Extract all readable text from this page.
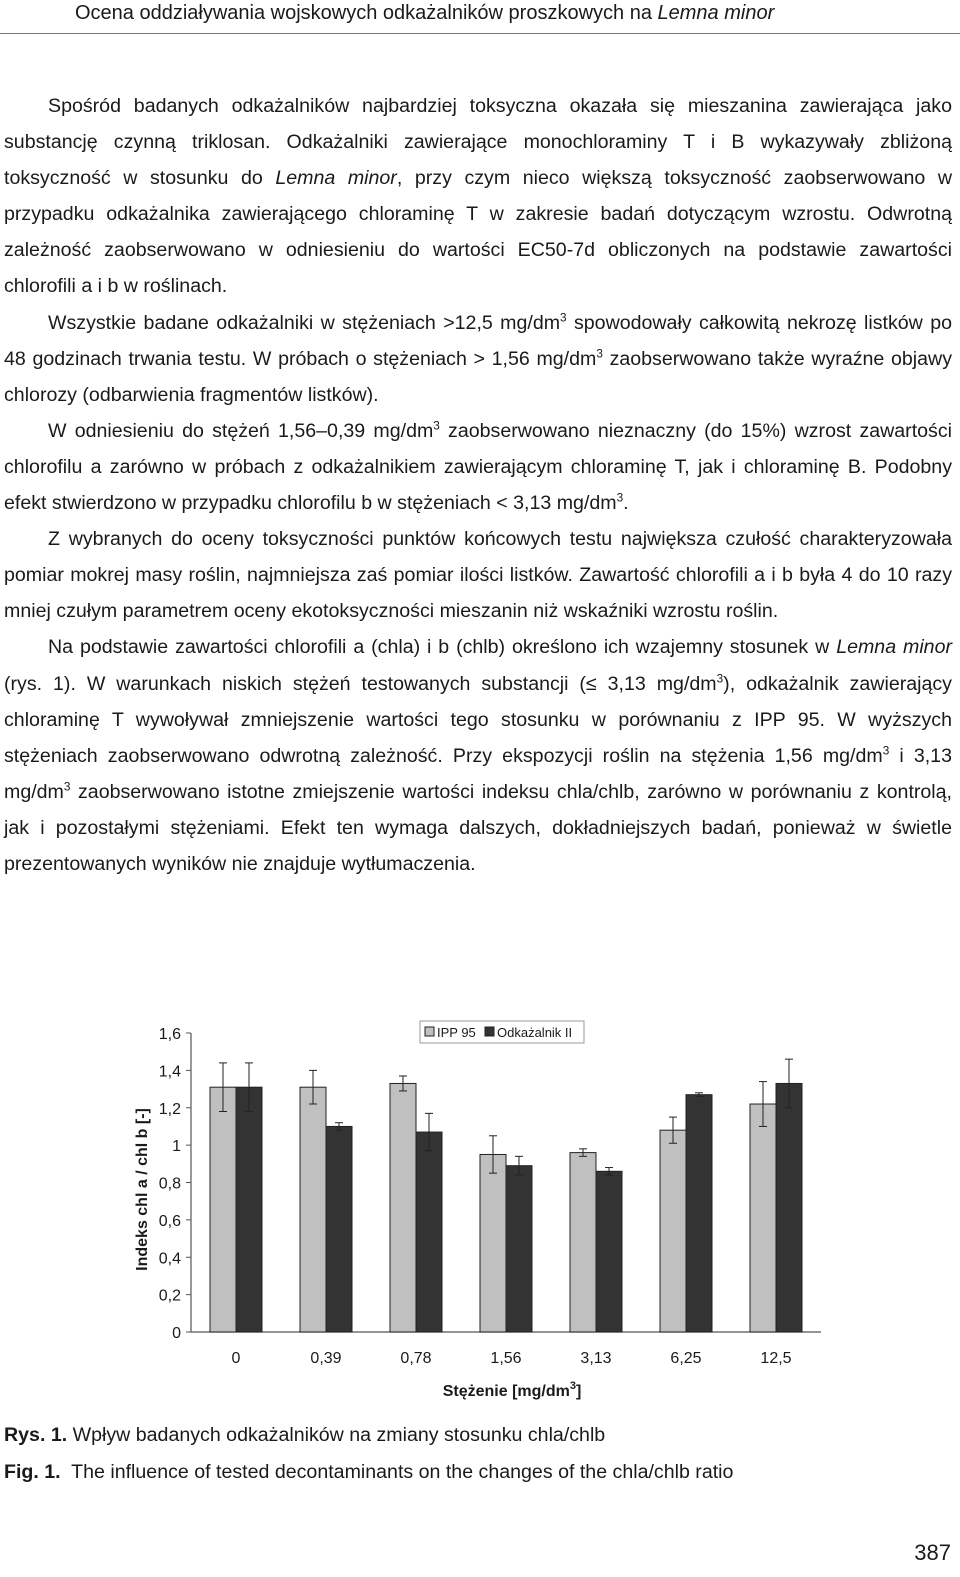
Ocena oddziaływania wojskowych odkażalników proszkowych na Lemna minor

Spośród badanych odkażalników najbardziej toksyczna okazała się mieszanina zawierająca jako substancję czynną triklosan. Odkażalniki zawierające monochloraminy T i B wykazywały zbliżoną toksyczność w stosunku do Lemna minor, przy czym nieco większą toksyczność zaobserwowano w przypadku odkażalnika zawierającego chloraminę T w zakresie badań dotyczącym wzrostu. Odwrotną zależność zaobserwowano w odniesieniu do wartości EC50-7d obliczonych na podstawie zawartości chlorofili a i b w roślinach.

Wszystkie badane odkażalniki w stężeniach >12,5 $mg/dm^3$ spowodowały całkowitą nekrozę listków po 48 godzinach trwania testu. W próbach o stężeniach > 1,56 $mg/dm^3$ zaobserwowano także wyraźne objawy chlorozy (odbarwienia fragmentów listków).

W odniesieniu do stężeń 1,56–0,39 $mg/dm^3$ zaobserwowano nieznaczny (do 15%) wzrost zawartości chlorofilu a zarówno w próbach z odkażalnikiem zawierającym chloraminę T, jak i chloraminę B. Podobny efekt stwierdzono w przypadku chlorofilu b w stężeniach < 3,13 $mg/dm^3$.

Z wybranych do oceny toksyczności punktów końcowych testu największa czułość charakteryzowała pomiar mokrej masy roślin, najmniejsza zaś pomiar ilości listków. Zawartość chlorofili a i b była 4 do 10 razy mniej czułym parametrem oceny ekotoksyczności mieszanin niż wskaźniki wzrostu roślin.

Na podstawie zawartości chlorofili a (chla) i b (chlb) określono ich wzajemny stosunek w Lemna minor (rys. 1). W warunkach niskich stężeń testowanych substancji (≤ 3,13 $mg/dm^3$), odkażalnik zawierający chloraminę T wywoływał zmniejszenie wartości tego stosunku w porównaniu z IPP 95. W wyższych stężeniach zaobserwowano odwrotną zależność. Przy ekspozycji roślin na stężenia 1,56 $mg/dm^3$ i 3,13 $mg/dm^3$ zaobserwowano istotne zmiejszenie wartości indeksu chla/chlb, zarówno w porównaniu z kontrolą, jak i pozostałymi stężeniami. Efekt ten wymaga dalszych, dokładniejszych badań, ponieważ w świetle prezentowanych wyników nie znajduje wytłumaczenia.

0
0,2
0,4
0,6
0,8
1
1,2
1,4
1,6
Indeks chl a / chl b [-]
0	0,39	0,78	1,56	3,13	6,25	12,5
Stężenie $[mg/dm^3]$
IPP 95 Odkażalnik II
Rys. 1. Wpływ badanych odkażalników na zmiany stosunku chla/chlb
Fig. 1.  The influence of tested decontaminants on the changes of the chla/chlb ratio
387
